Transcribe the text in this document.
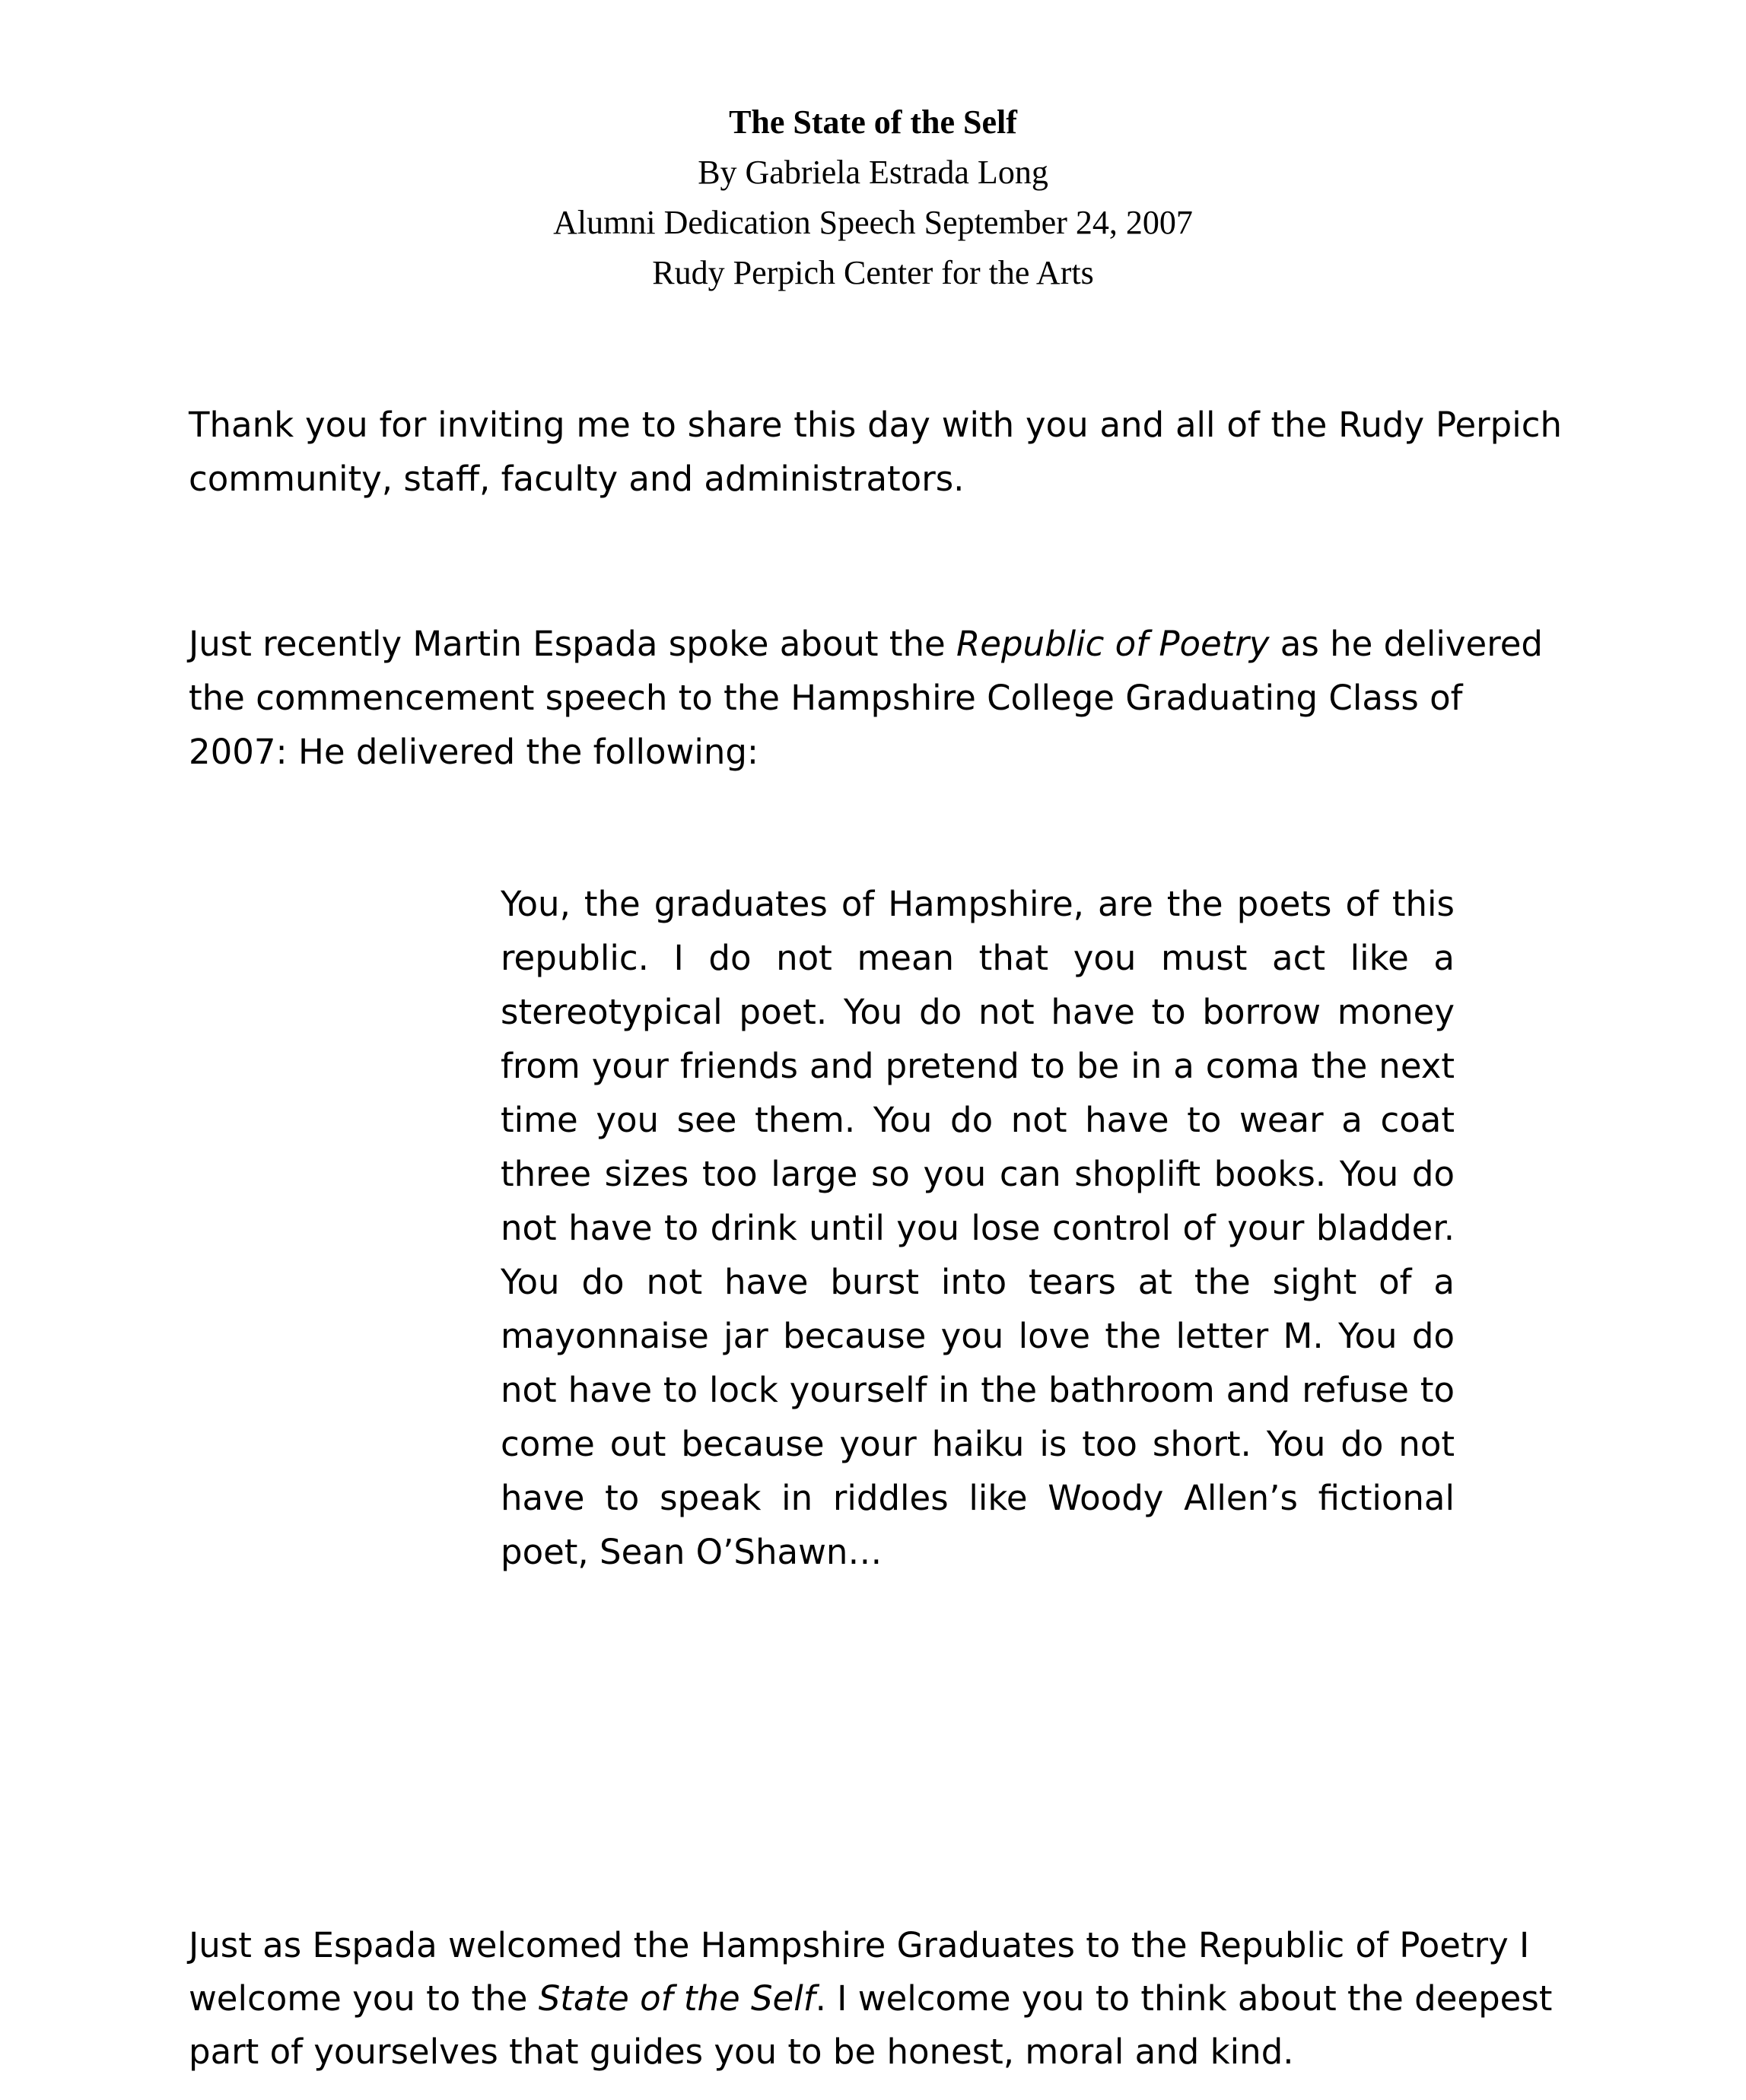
The State of the Self
By Gabriela Estrada Long
Alumni Dedication Speech September 24, 2007
Rudy Perpich Center for the Arts

Thank you for inviting me to share this day with you and all of the Rudy Perpich community, staff, faculty and administrators.

Just recently Martin Espada spoke about the Republic of Poetry as he delivered the commencement speech to the Hampshire College Graduating Class of 2007: He delivered the following:

You, the graduates of Hampshire, are the poets of this republic. I do not mean that you must act like a stereotypical poet. You do not have to borrow money from your friends and pretend to be in a coma the next time you see them. You do not have to wear a coat three sizes too large so you can shoplift books. You do not have to drink until you lose control of your bladder. You do not have burst into tears at the sight of a mayonnaise jar because you love the letter M. You do not have to lock yourself in the bathroom and refuse to come out because your haiku is too short. You do not have to speak in riddles like Woody Allen’s fictional poet, Sean O’Shawn…

Just as Espada welcomed the Hampshire Graduates to the Republic of Poetry I welcome you to the State of the Self. I welcome you to think about the deepest part of yourselves that guides you to be honest, moral and kind.
